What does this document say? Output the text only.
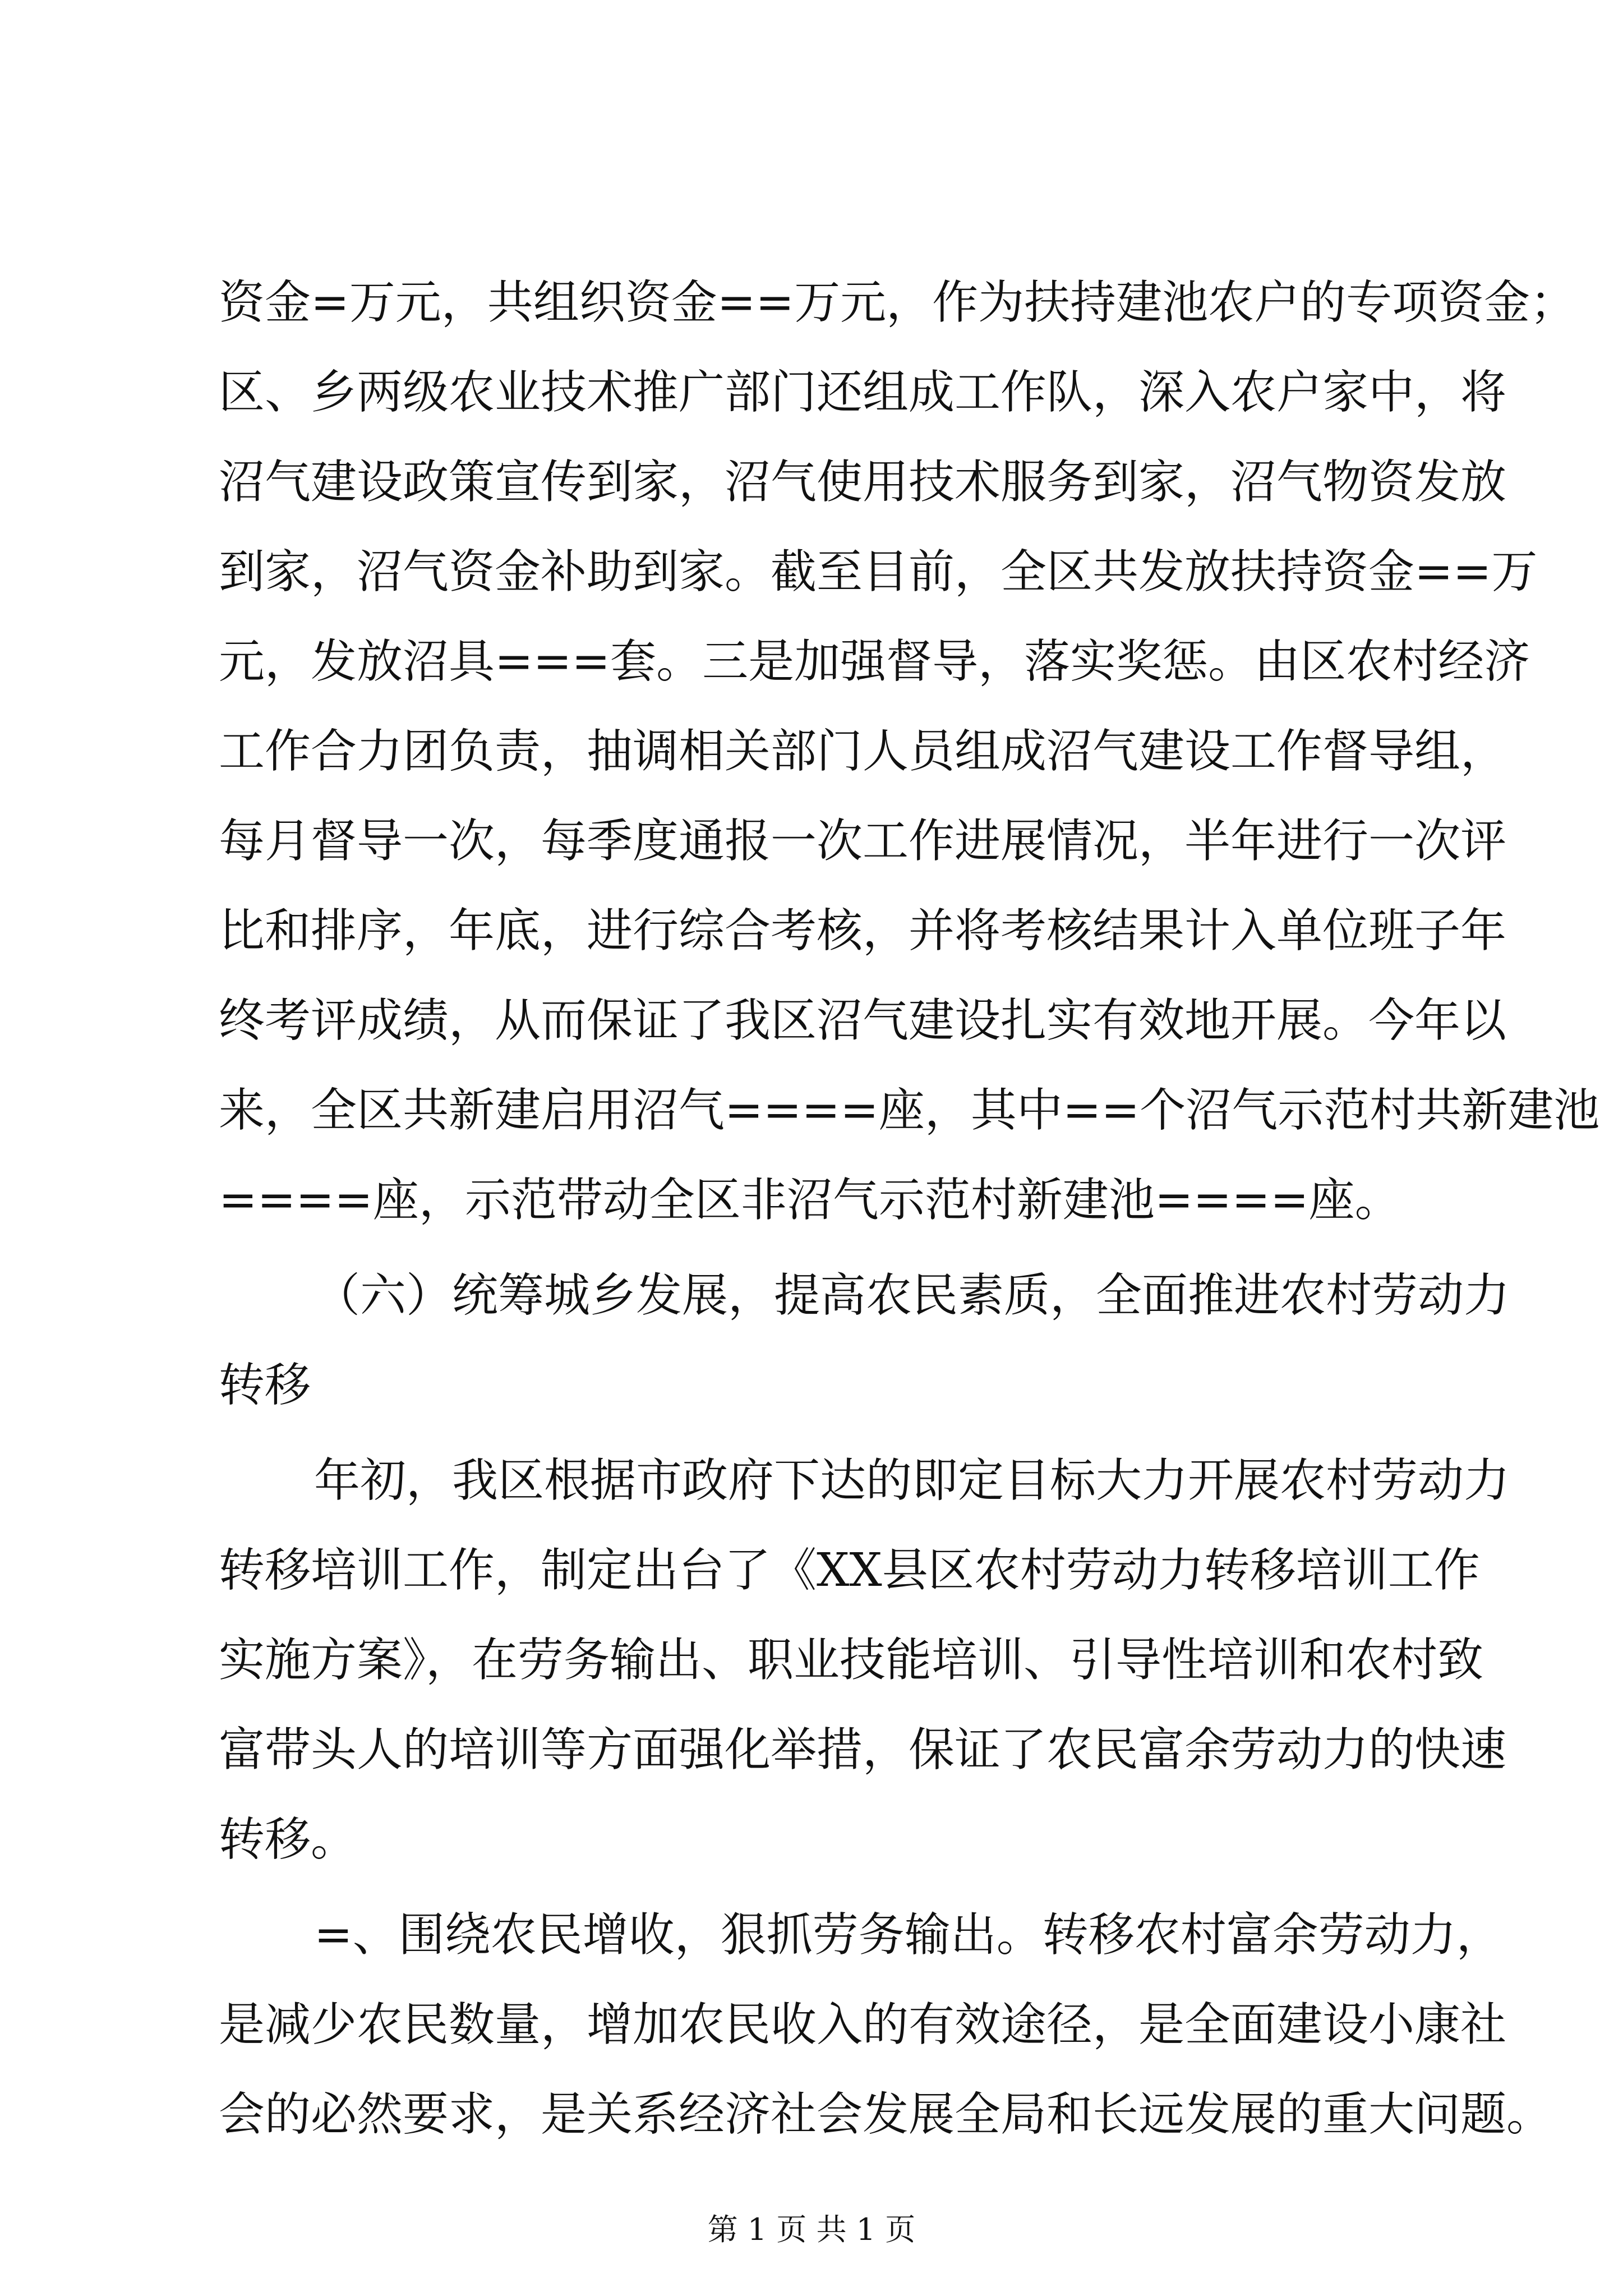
资金=万元，共组织资金==万元，作为扶持建池农户的专项资金；
区、乡两级农业技术推广部门还组成工作队，深入农户家中，将
沼气建设政策宣传到家，沼气使用技术服务到家，沼气物资发放
到家，沼气资金补助到家。截至目前，全区共发放扶持资金==万
元，发放沼具===套。三是加强督导，落实奖惩。由区农村经济
工作合力团负责，抽调相关部门人员组成沼气建设工作督导组，
每月督导一次，每季度通报一次工作进展情况，半年进行一次评
比和排序，年底，进行综合考核，并将考核结果计入单位班子年
终考评成绩，从而保证了我区沼气建设扎实有效地开展。今年以
来，全区共新建启用沼气====座，其中==个沼气示范村共新建池
====座，示范带动全区非沼气示范村新建池====座。
（六）统筹城乡发展，提高农民素质，全面推进农村劳动力
转移
年初，我区根据市政府下达的即定目标大力开展农村劳动力
转移培训工作，制定出台了《XX县区农村劳动力转移培训工作
实施方案》，在劳务输出、职业技能培训、引导性培训和农村致
富带头人的培训等方面强化举措，保证了农民富余劳动力的快速
转移。
=、围绕农民增收，狠抓劳务输出。转移农村富余劳动力，
是减少农民数量，增加农民收入的有效途径，是全面建设小康社
会的必然要求，是关系经济社会发展全局和长远发展的重大问题。
第 1 页 共 1 页
